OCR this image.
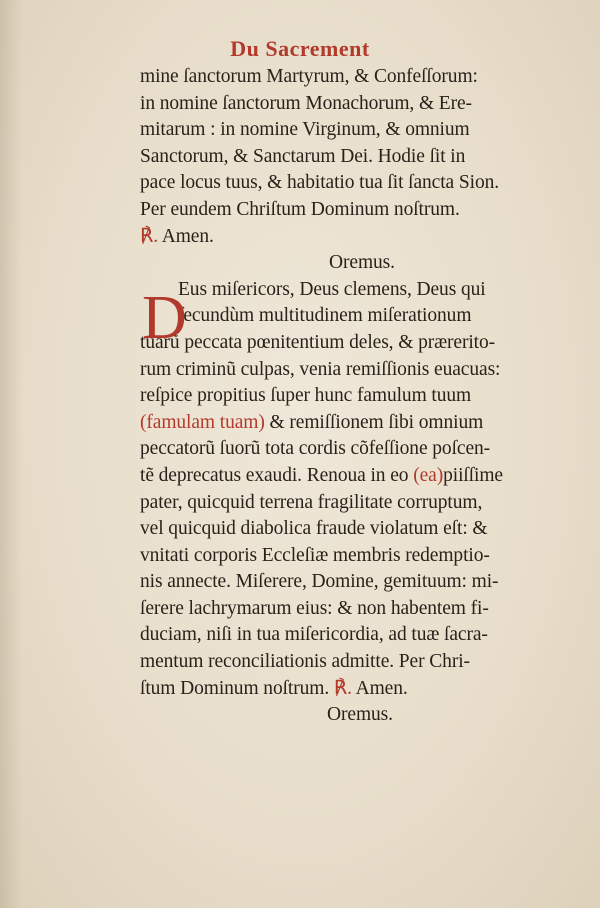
Du Sacrement
mine ſanctorum Martyrum, & Confeſſorum:
in nomine ſanctorum Monachorum, & Ere-
mitarum : in nomine Virginum, & omnium
Sanctorum, & Sanctarum Dei. Hodie ſit in
pace locus tuus, & habitatio tua ſit ſancta Sion.
Per eundem Chriſtum Dominum noſtrum.
℟. Amen.
Oremus.
Eus miſericors, Deus clemens, Deus qui
ſecundùm multitudinem miſerationum
tuarũ peccata pœnitentium deles, & prærerito-
rum criminũ culpas, venia remiſſionis euacuas:
reſpice propitius ſuper hunc famulum tuum
(famulam tuam) & remiſſionem ſibi omnium
peccatorũ ſuorũ tota cordis cõfeſſione poſcen-
tẽ deprecatus exaudi. Renoua in eo (ea)piiſſime
pater, quicquid terrena fragilitate corruptum,
vel quicquid diabolica fraude violatum eſt: &
vnitati corporis Eccleſiæ membris redemptio-
nis annecte. Miſerere, Domine, gemituum: mi-
ſerere lachrymarum eius: & non habentem fi-
duciam, niſi in tua miſericordia, ad tuæ ſacra-
mentum reconciliationis admitte. Per Chri-
ſtum Dominum noſtrum. ℟. Amen.
Oremus.
D
